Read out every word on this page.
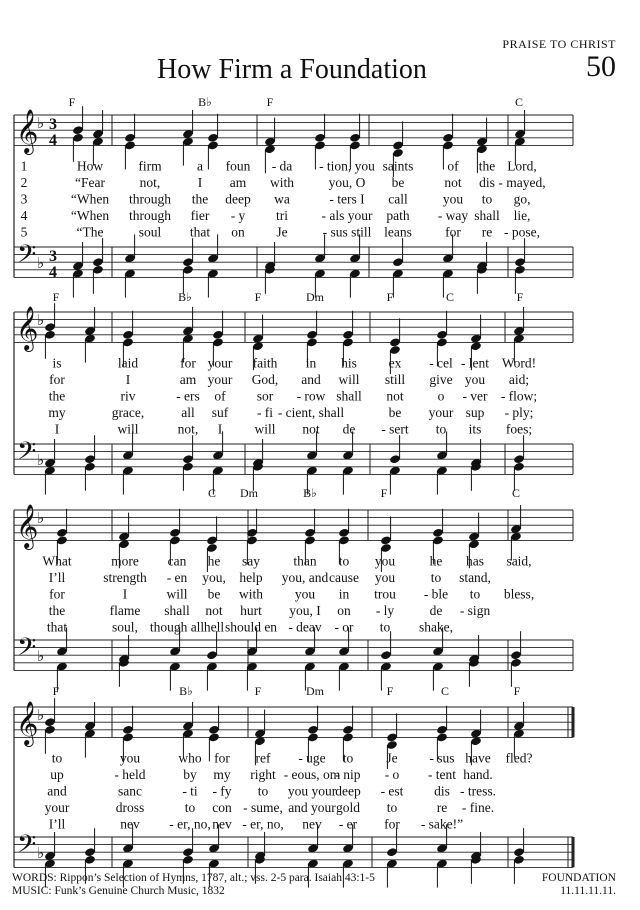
PRAISE TO CHRIST
How Firm a Foundation	50
𝄞
𝄢
♭
♭
3
4
3
4
F	B♭	F	C
1	How	firm	a foun - da - tion, you saints	of the Lord,
2	“Fear	not,	I am with	you, O be	not dis - mayed,
3	“When through the deep wa	- ters I call	you to go,
4	“When through fier - y tri - als your path - way shall lie,
5	“The	soul that on Je	- sus still leans for re - pose,
𝄞
𝄢
♭
♭
F	B♭	F	Dm	F	C	F
is	laid	for your faith in his ex - cel - lent Word!
for	I	am your God, and will still give you aid;
the	riv	- ers of sor - row shall not	o - ver - flow;
my	grace,	all suf - fi - cient, shall	be your sup - ply;
I	will	not, I will not de - sert to its foes;
𝄞
𝄢
♭
♭
C Dm	B♭	F	C
What	more can he say than to you	he has said,
I’ll	strength - en you, help you, and cause you	to stand,
for	I	will be with you in trou - ble to bless,
the	flame shall not hurt you, I on - ly	de - sign
that	soul, though all hell should en - deav - or to shake,
𝄞
𝄢
♭
♭
F	B♭	F	Dm	F	C	F
to	you	who for ref - uge to Je - sus have fled?
up	- held	by my right - eous, om
- nip - o - tent hand.
and	sanc	- ti - fy to you your deep - est dis - tress.
your	dross	to con - sume, and your gold to	re - fine.
I’ll	nev - er, no, nev - er, no, nev - er for - sake!”
WORDS: Rippon’s Selection of Hymns, 1787, alt.; vss. 2-5 para. Isaiah 43:1-5
MUSIC: Funk’s Genuine Church Music, 1832
FOUNDATION
11.11.11.11.
